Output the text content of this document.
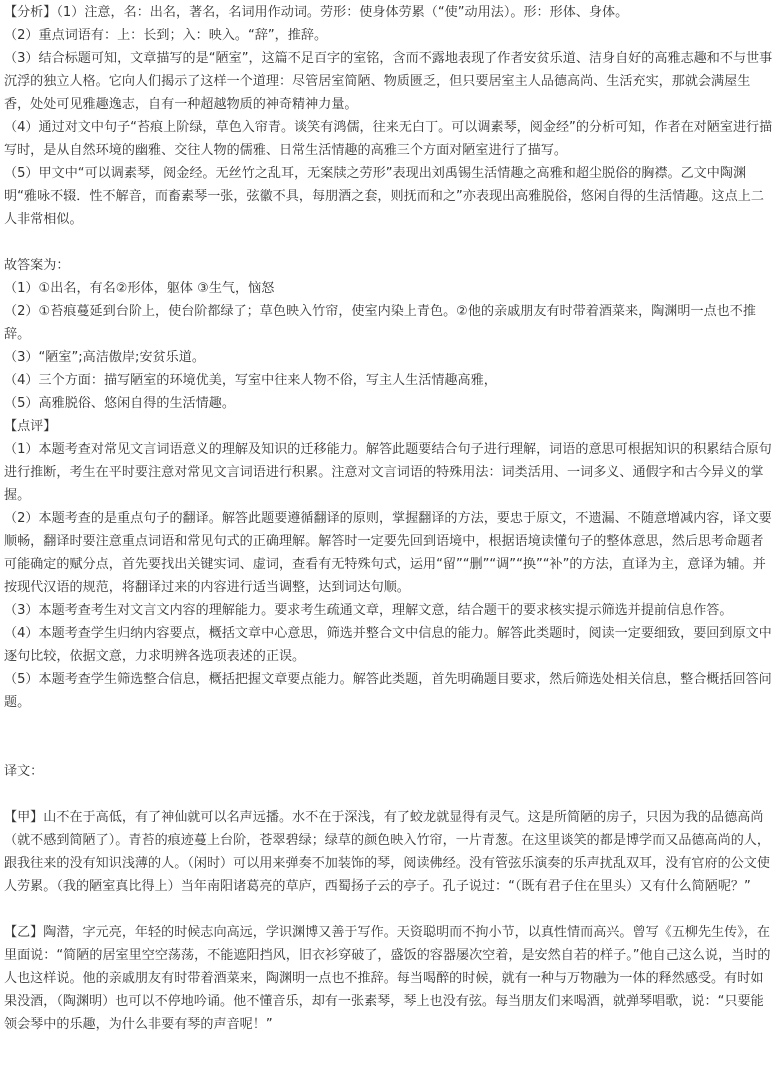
【分析】（1）注意，名：出名，著名，名词用作动词。劳形：使身体劳累（“使”动用法）。形：形体、身体。

（2）重点词语有：上：长到；入：映入。“辞”，推辞。

（3）结合标题可知，文章描写的是“陋室”，这篇不足百字的室铭，含而不露地表现了作者安贫乐道、洁身自好的高雅志趣和不与世事沉浮的独立人格。它向人们揭示了这样一个道理：尽管居室简陋、物质匮乏，但只要居室主人品德高尚、生活充实，那就会满屋生香，处处可见雅趣逸志，自有一种超越物质的神奇精神力量。

（4）通过对文中句子“苔痕上阶绿，草色入帘青。谈笑有鸿儒，往来无白丁。可以调素琴，阅金经”的分析可知，作者在对陋室进行描写时，是从自然环境的幽雅、交往人物的儒雅、日常生活情趣的高雅三个方面对陋室进行了描写。

（5）甲文中“可以调素琴，阅金经。无丝竹之乱耳，无案牍之劳形”表现出刘禹锡生活情趣之高雅和超尘脱俗的胸襟。乙文中陶渊明“雅咏不辍．性不解音，而畜素琴一张，弦徽不具，每朋酒之套，则抚而和之”亦表现出高雅脱俗，悠闲自得的生活情趣。这点上二人非常相似。

故答案为：

（1）①出名，有名②形体，躯体 ③生气，恼怒

（2）①苔痕蔓延到台阶上，使台阶都绿了；草色映入竹帘，使室内染上青色。②他的亲戚朋友有时带着酒菜来，陶渊明一点也不推辞。

（3）“陋室”;高洁傲岸;安贫乐道。

（4）三个方面：描写陋室的环境优美，写室中往来人物不俗，写主人生活情趣高雅，

（5）高雅脱俗、悠闲自得的生活情趣。

【点评】

（1）本题考查对常见文言词语意义的理解及知识的迁移能力。解答此题要结合句子进行理解，词语的意思可根据知识的积累结合原句进行推断，考生在平时要注意对常见文言词语进行积累。注意对文言词语的特殊用法：词类活用、一词多义、通假字和古今异义的掌握。

（2）本题考查的是重点句子的翻译。解答此题要遵循翻译的原则，掌握翻译的方法，要忠于原文，不遗漏、不随意增减内容，译文要顺畅，翻译时要注意重点词语和常见句式的正确理解。解答时一定要先回到语境中，根据语境读懂句子的整体意思，然后思考命题者可能确定的赋分点，首先要找出关键实词、虚词，查看有无特殊句式，运用“留”“删”“调”“换”“补”的方法，直译为主，意译为辅。并按现代汉语的规范，将翻译过来的内容进行适当调整，达到词达句顺。

（3）本题考查考生对文言文内容的理解能力。要求考生疏通文章，理解文意，结合题干的要求核实提示筛选并提前信息作答。

（4）本题考查学生归纳内容要点，概括文章中心意思，筛选并整合文中信息的能力。解答此类题时，阅读一定要细致，要回到原文中逐句比较，依据文意，力求明辨各选项表述的正误。

（5）本题考查学生筛选整合信息，概括把握文章要点能力。解答此类题，首先明确题目要求，然后筛选处相关信息，整合概括回答问题。

译文：

【甲】山不在于高低，有了神仙就可以名声远播。水不在于深浅，有了蛟龙就显得有灵气。这是所简陋的房子，只因为我的品德高尚（就不感到简陋了）。青苔的痕迹蔓上台阶，苍翠碧绿；绿草的颜色映入竹帘，一片青葱。在这里谈笑的都是博学而又品德高尚的人，跟我往来的没有知识浅薄的人。（闲时）可以用来弹奏不加装饰的琴，阅读佛经。没有管弦乐演奏的乐声扰乱双耳，没有官府的公文使人劳累。（我的陋室真比得上）当年南阳诸葛亮的草庐，西蜀扬子云的亭子。孔子说过：“（既有君子住在里头）又有什么简陋呢？”

【乙】陶潜，字元亮，年轻的时候志向高远，学识渊博又善于写作。天资聪明而不拘小节，以真性情而高兴。曾写《五柳先生传》，在里面说：“简陋的居室里空空荡荡，不能遮阳挡风，旧衣衫穿破了，盛饭的容器屡次空着，是安然自若的样子。”他自己这么说，当时的人也这样说。他的亲戚朋友有时带着酒菜来，陶渊明一点也不推辞。每当喝醉的时候，就有一种与万物融为一体的释然感受。有时如果没酒，（陶渊明）也可以不停地吟诵。他不懂音乐，却有一张素琴，琴上也没有弦。每当朋友们来喝酒，就弹琴唱歌，说：“只要能领会琴中的乐趣，为什么非要有琴的声音呢！”
